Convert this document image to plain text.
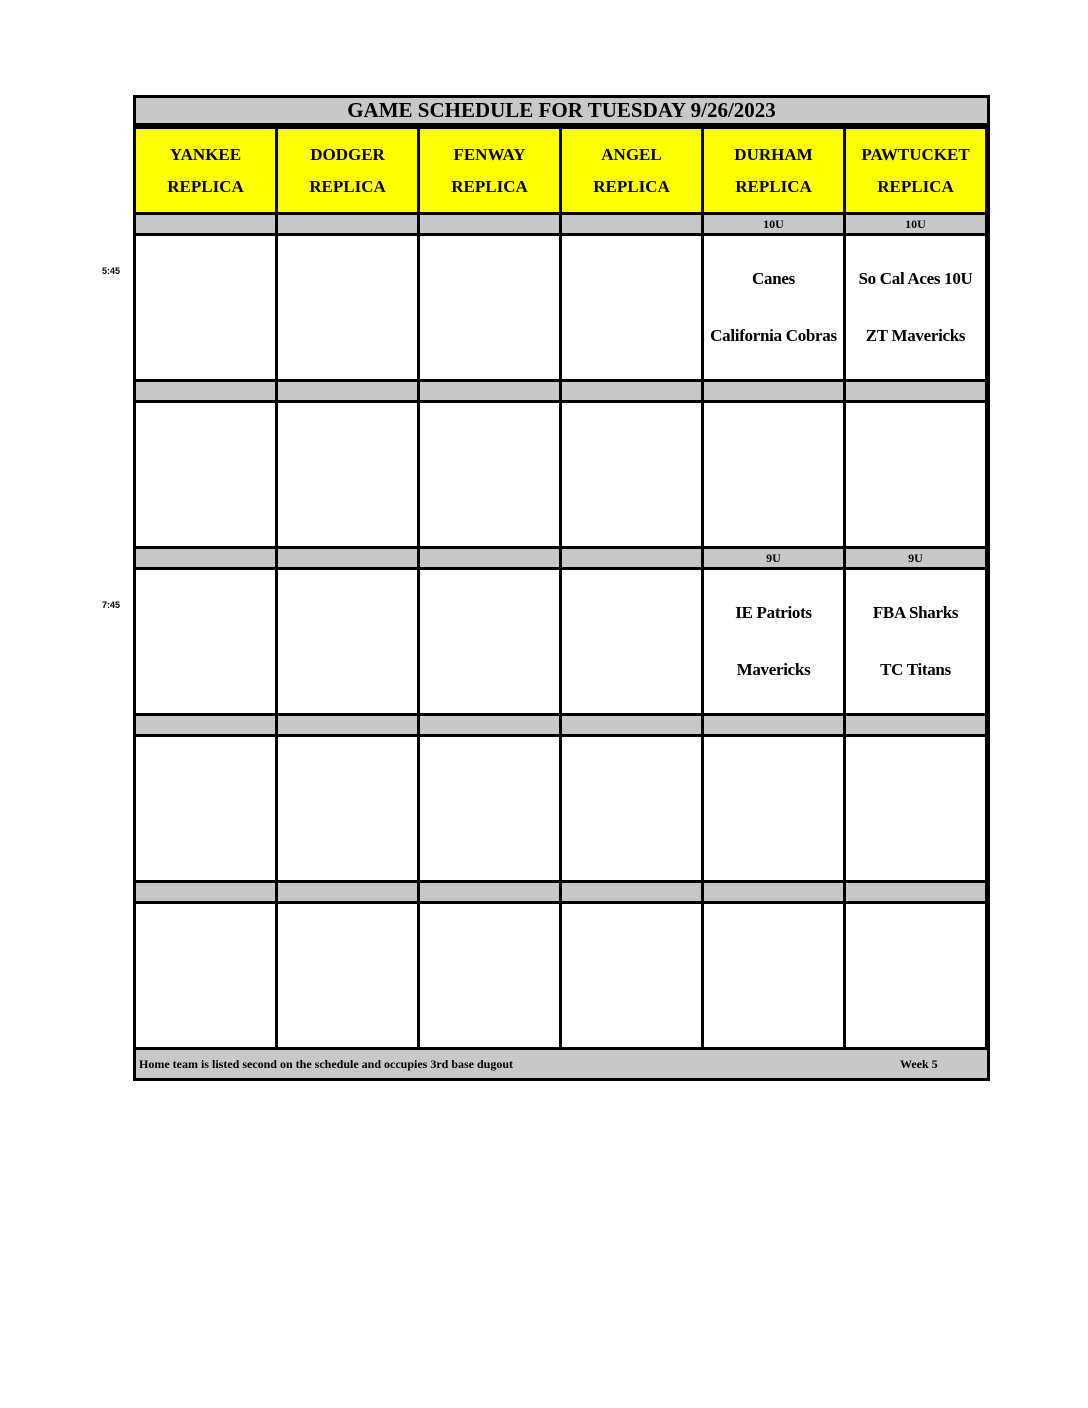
GAME SCHEDULE FOR TUESDAY 9/26/2023
YANKEE
REPLICA
DODGER
REPLICA
FENWAY
REPLICA
ANGEL
REPLICA
DURHAM
REPLICA
PAWTUCKET
REPLICA
10U
Canes
California Cobras
10U
So Cal Aces 10U
ZT Mavericks
9U
IE Patriots
Mavericks
9U
FBA Sharks
TC Titans
Home team is listed second on the schedule and occupies 3rd base dugout	Week 5
5:45
7:45
